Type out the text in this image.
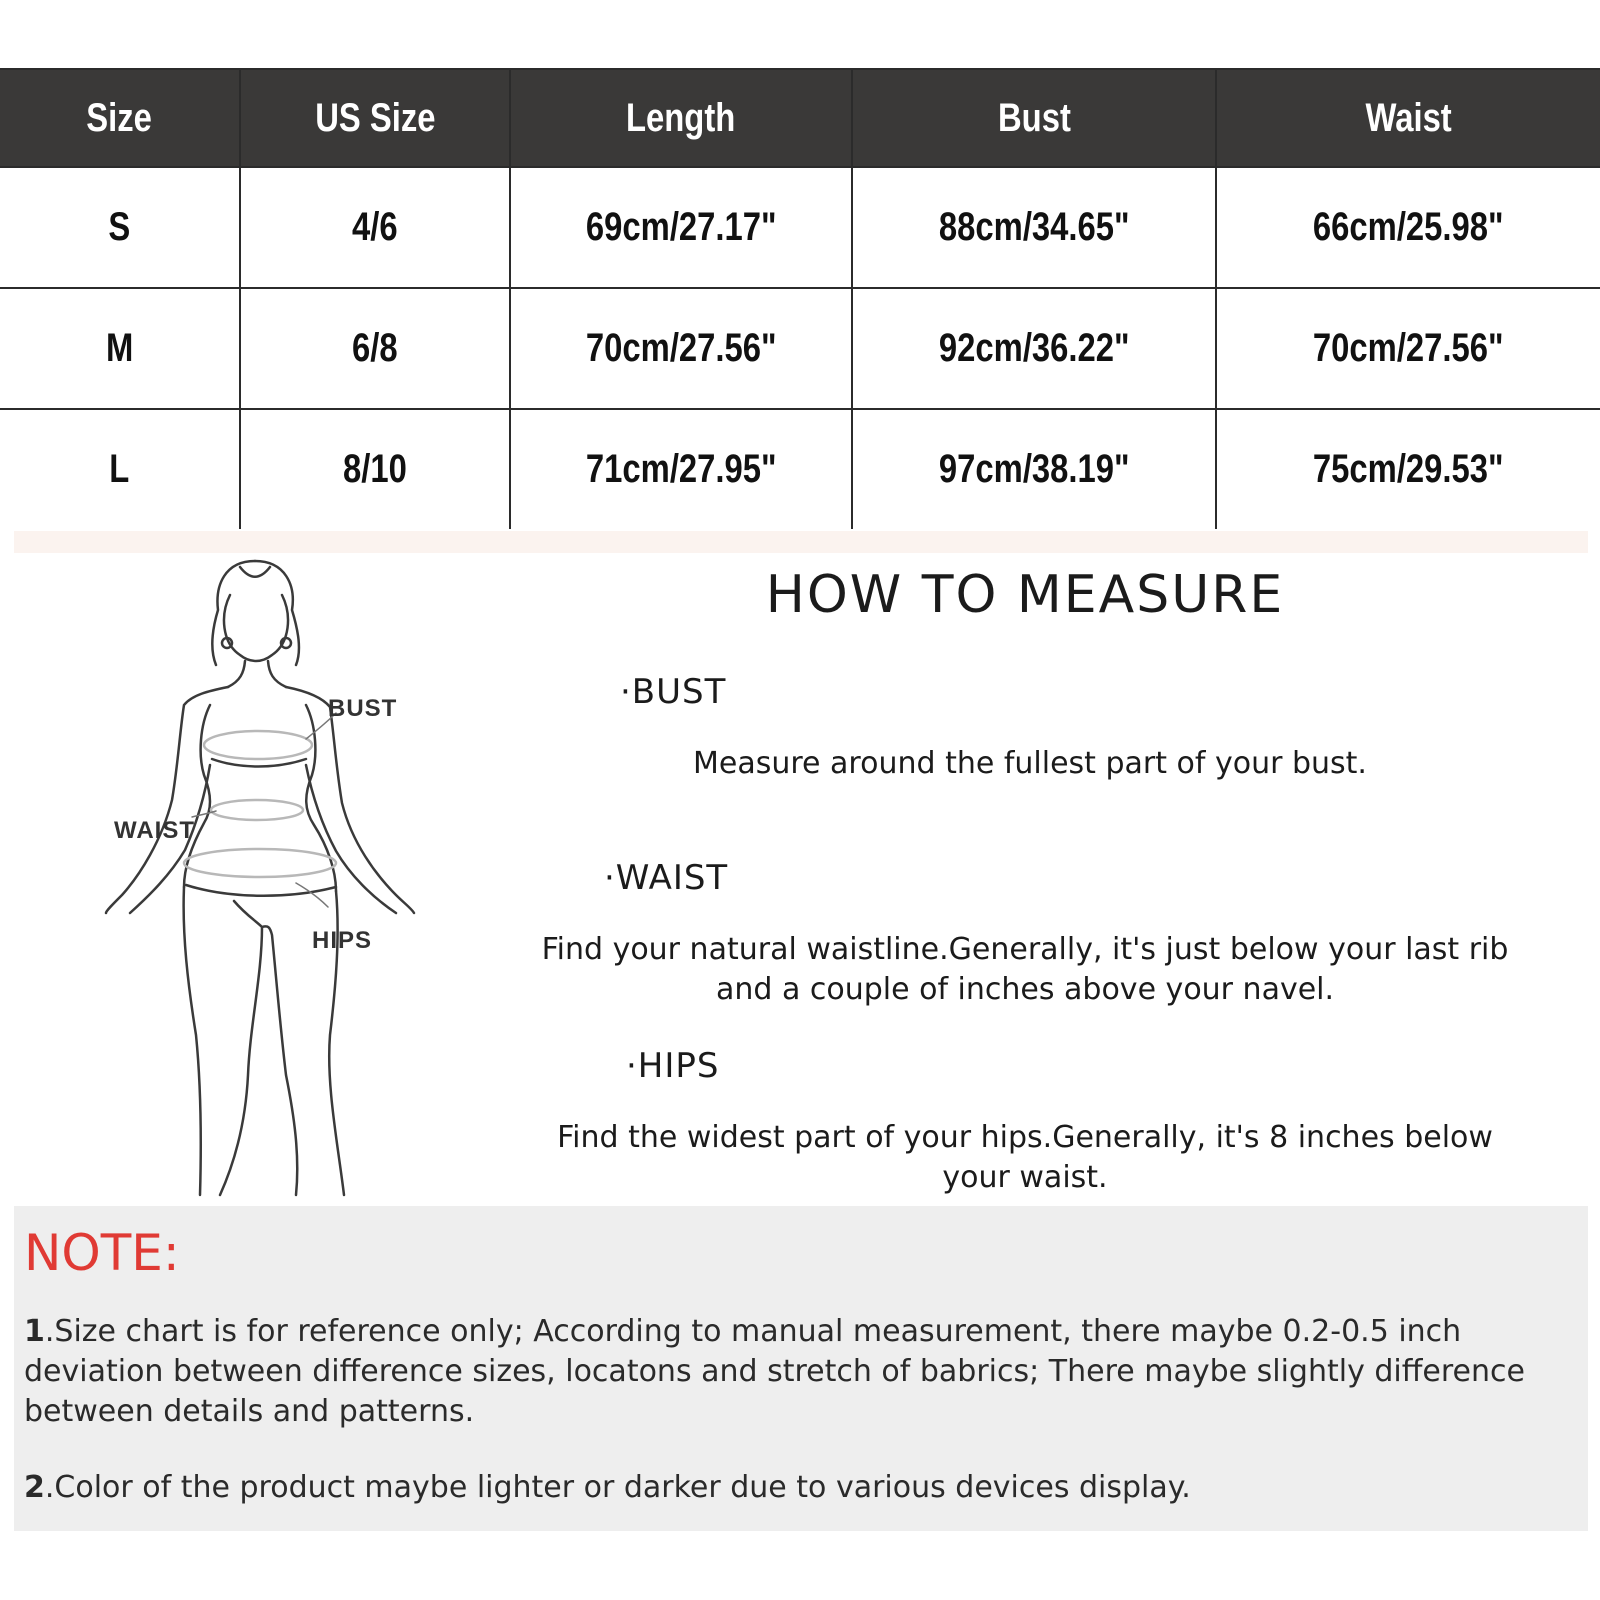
Size	US Size	Length	Bust	Waist
S	4/6	69cm/27.17"	88cm/34.65"	66cm/25.98"
M	6/8	70cm/27.56"	92cm/36.22"	70cm/27.56"
L	8/10	71cm/27.95"	97cm/38.19"	75cm/29.53"
BUST
WAIST
HIPS
HOW TO MEASURE
·BUST
Measure around the fullest part of your bust.
·WAIST
Find your natural waistline.Generally, it's just below your last rib and a couple of inches above your navel.
·HIPS
Find the widest part of your hips.Generally, it's 8 inches below your waist.
NOTE:
1.Size chart is for reference only; According to manual measurement, there maybe 0.2-0.5 inch deviation between difference sizes, locatons and stretch of babrics; There maybe slightly difference between details and patterns.
2.Color of the product maybe lighter or darker due to various devices display.
